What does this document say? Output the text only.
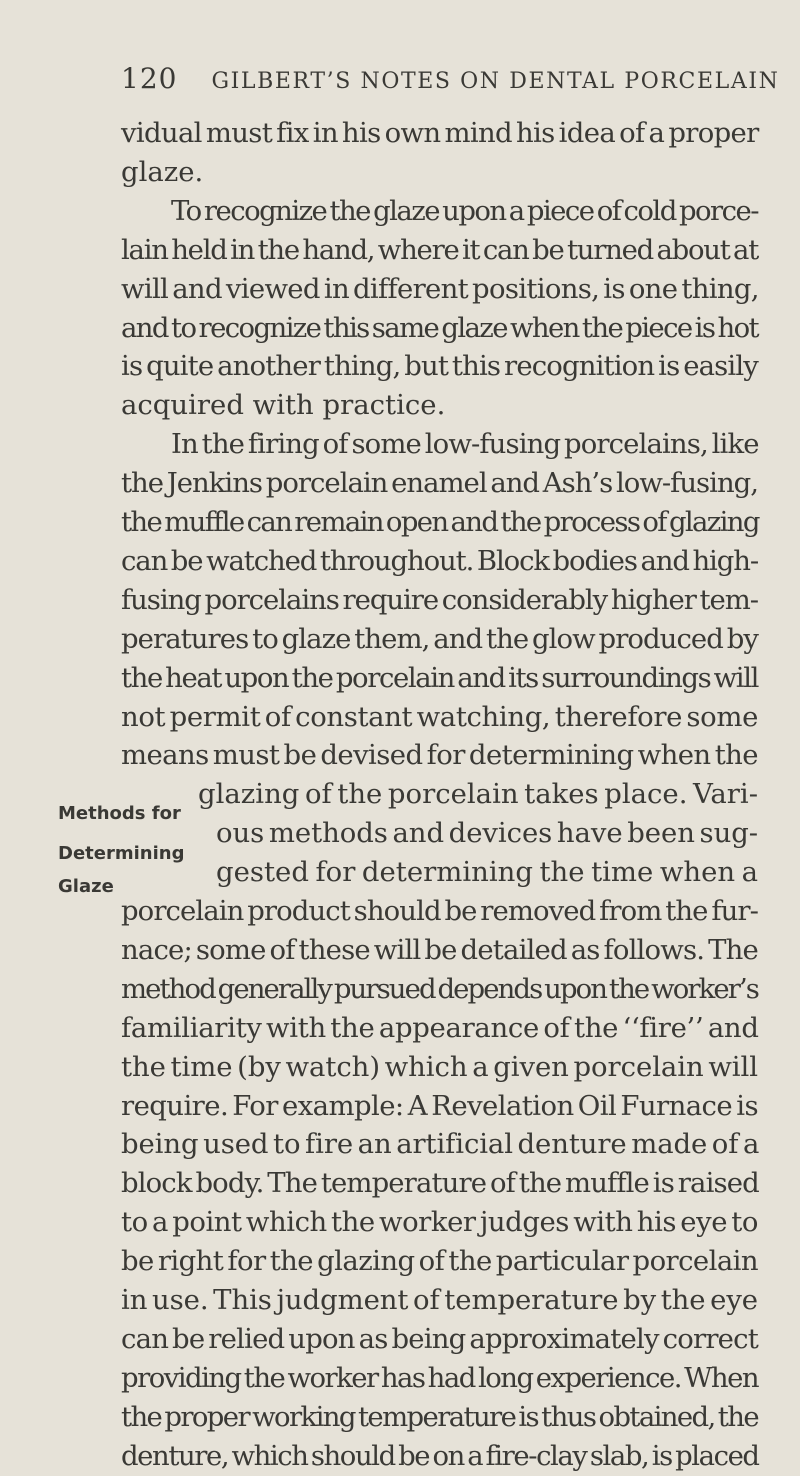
120 GILBERT’S NOTES ON DENTAL PORCELAIN
vidual must fix in his own mind his idea of a proper
glaze.
To recognize the glaze upon a piece of cold porce-
lain held in the hand, where it can be turned about at
will and viewed in different positions, is one thing,
and to recognize this same glaze when the piece is hot
is quite another thing, but this recognition is easily
acquired with practice.
In the firing of some low-fusing porcelains, like
the Jenkins porcelain enamel and Ash’s low-fusing,
the muffle can remain open and the process of glazing
can be watched throughout. Block bodies and high-
fusing porcelains require considerably higher tem-
peratures to glaze them, and the glow produced by
the heat upon the porcelain and its surroundings will
not permit of constant watching, therefore some
means must be devised for determining when the
glazing of the porcelain takes place. Vari-
ous methods and devices have been sug-
gested for determining the time when a
porcelain product should be removed from the fur-
nace; some of these will be detailed as follows. The
method generally pursued depends upon the worker’s
familiarity with the appearance of the ‘‘fire’’ and
the time (by watch) which a given porcelain will
require. For example: A Revelation Oil Furnace is
being used to fire an artificial denture made of a
block body. The temperature of the muffle is raised
to a point which the worker judges with his eye to
be right for the glazing of the particular porcelain
in use. This judgment of temperature by the eye
can be relied upon as being approximately correct
providing the worker has had long experience. When
the proper working temperature is thus obtained, the
denture, which should be on a fire-clay slab, is placed
Methods for
Determining
Glaze
